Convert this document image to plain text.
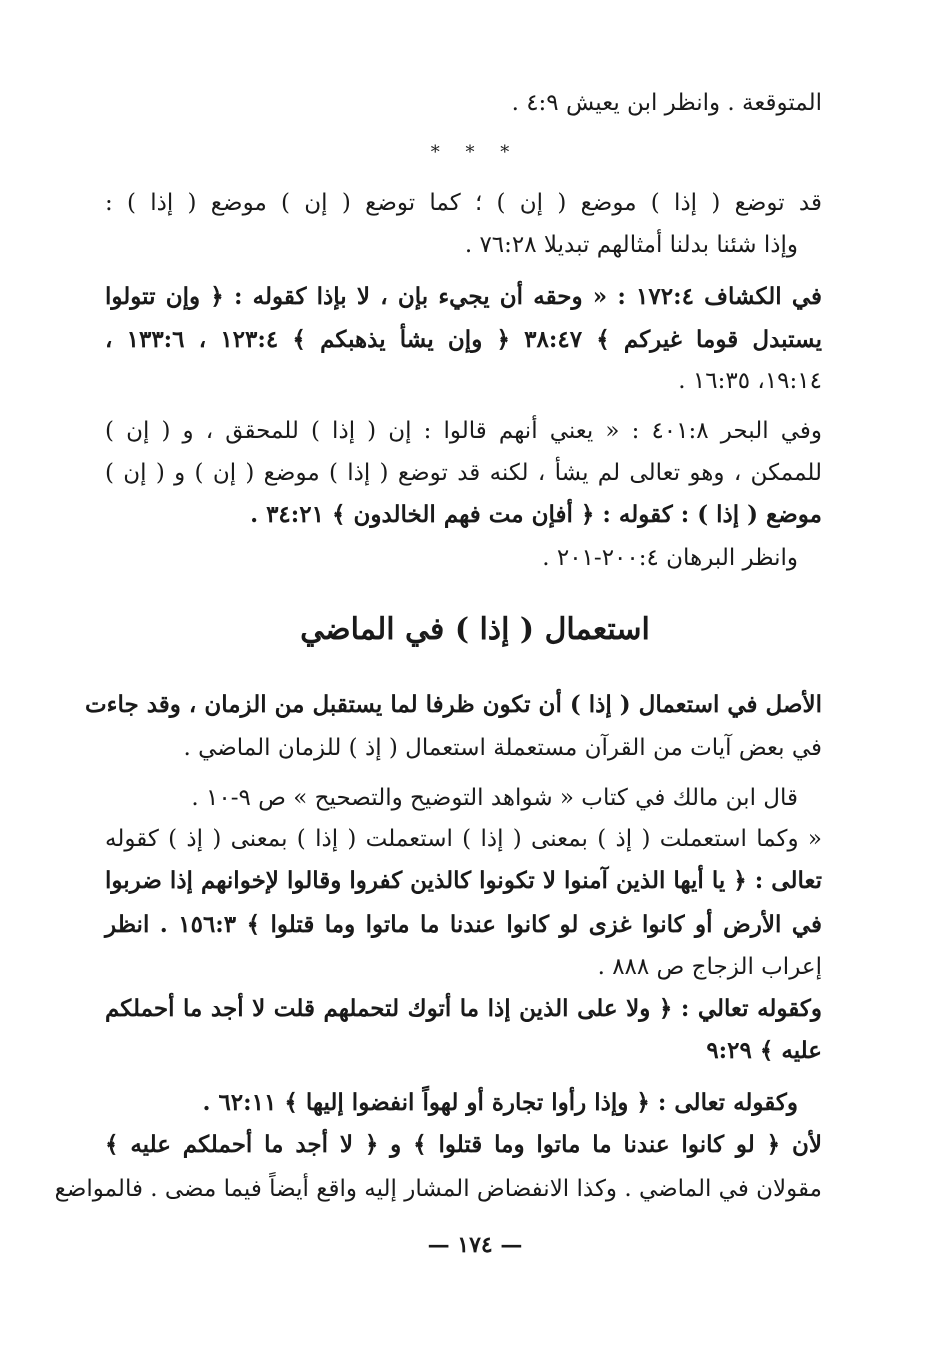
المتوقعة . وانظر ابن يعيش ٤:٩ .
* * *
قد توضع ( إذا ) موضع ( إن ) ؛ كما توضع ( إن ) موضع ( إذا ) :
وإذا شئنا بدلنا أمثالهم تبديلا ٧٦:٢٨ .
في الكشاف ١٧٢:٤ : « وحقه أن يجيء بإن ، لا بإذا كقوله : ﴿ وإن تتولوا
يستبدل قوما غيركم ﴾ ٣٨:٤٧ ﴿ وإن يشأ يذهبكم ﴾ ١٢٣:٤ ، ١٣٣:٦ ،
١٩:١٤، ١٦:٣٥ .
وفي البحر ٤٠١:٨ : « يعني أنهم قالوا : إن ( إذا ) للمحقق ، و ( إن )
للممكن ، وهو تعالى لم يشأ ، لكنه قد توضع ( إذا ) موضع ( إن ) و ( إن )
موضع ( إذا ) : كقوله : ﴿ أفإن مت فهم الخالدون ﴾ ٣٤:٢١ .
وانظر البرهان ٢٠٠:٤-٢٠١ .
استعمال ( إذا ) في الماضي
الأصل في استعمال ( إذا ) أن تكون ظرفا لما يستقبل من الزمان ، وقد جاءت
في بعض آيات من القرآن مستعملة استعمال ( إذ ) للزمان الماضي .
قال ابن مالك في كتاب « شواهد التوضيح والتصحيح » ص ٩-١٠ .
« وكما استعملت ( إذ ) بمعنى ( إذا ) استعملت ( إذا ) بمعنى ( إذ ) كقوله
تعالى : ﴿ يا أيها الذين آمنوا لا تكونوا كالذين كفروا وقالوا لإخوانهم إذا ضربوا
في الأرض أو كانوا غزى لو كانوا عندنا ما ماتوا وما قتلوا ﴾ ١٥٦:٣ . انظر
إعراب الزجاج ص ٨٨٨ .
وكقوله تعالي : ﴿ ولا على الذين إذا ما أتوك لتحملهم قلت لا أجد ما أحملكم
عليه ﴾ ٩:٢٩
وكقوله تعالى : ﴿ وإذا رأوا تجارة أو لهواً انفضوا إليها ﴾ ٦٢:١١ .
لأن ﴿ لو كانوا عندنا ما ماتوا وما قتلوا ﴾ و ﴿ لا أجد ما أحملكم عليه ﴾
مقولان في الماضي . وكذا الانفضاض المشار إليه واقع أيضاً فيما مضى . فالمواضع
— ١٧٤ —
